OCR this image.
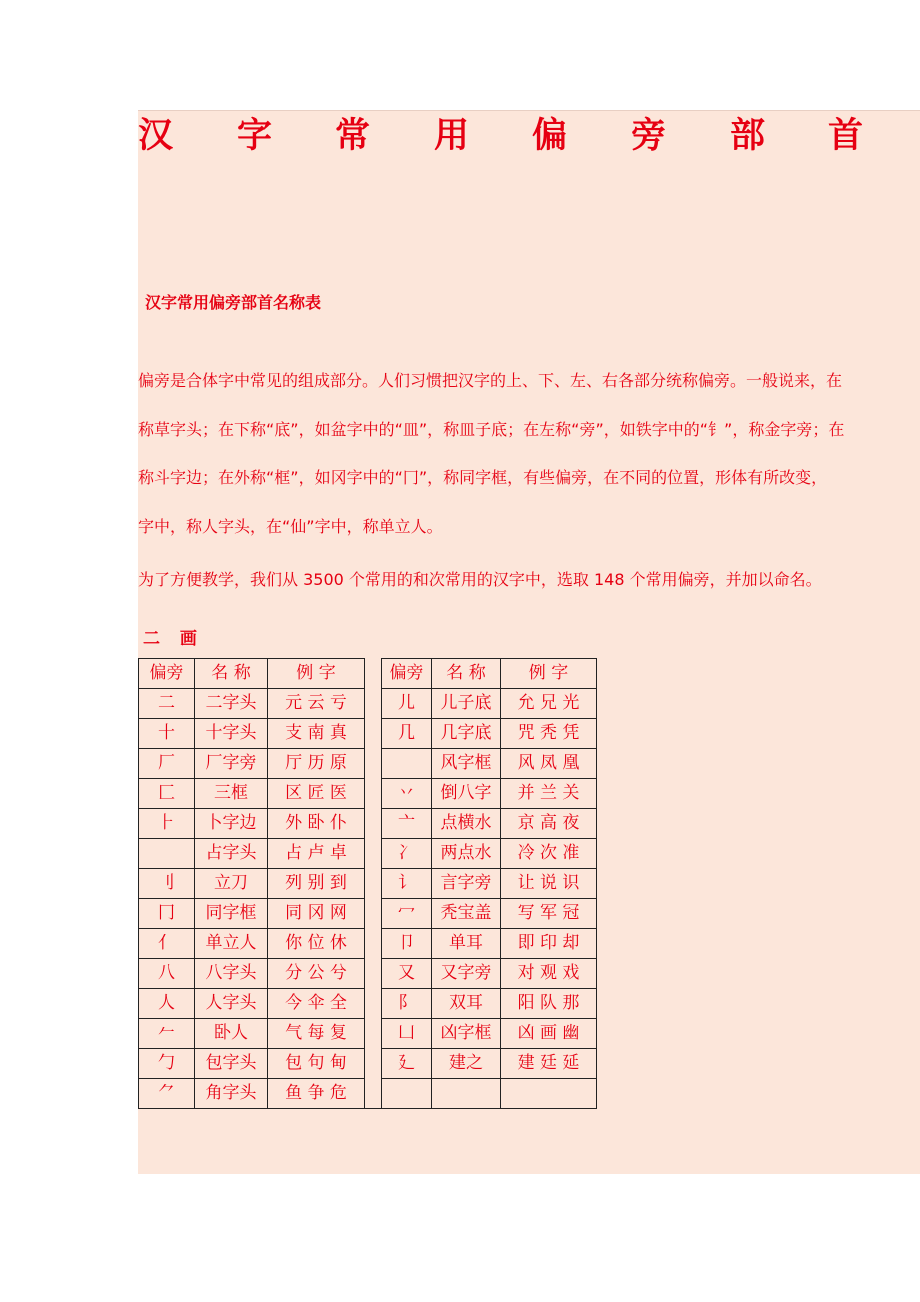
汉 字 常 用 偏 旁 部 首
汉字常用偏旁部首名称表
偏旁是合体字中常见的组成部分。人们习惯把汉字的上、下、左、右各部分统称偏旁。一般说来，在
称草字头；在下称“底”，如盆字中的“皿”，称皿子底；在左称“旁”，如铁字中的“钅”，称金字旁；在
称斗字边；在外称“框”，如冈字中的“冂”，称同字框，有些偏旁，在不同的位置，形体有所改变，
字中，称人字头，在“仙”字中，称单立人。
为了方便教学，我们从 3500 个常用的和次常用的汉字中，选取 148 个常用偏旁，并加以命名。
二 画
偏旁	名 称	例 字		偏旁	名 称	例 字
二	二字头	元 云 亏		儿	儿子底	允 兄 光
十	十字头	支 南 真		几	几字底	咒 秃 凭
厂	厂字旁	厅 历 原			风字框	风 凤 凰
匚	三框	区 匠 医		丷	倒八字	并 兰 关
⺊	卜字边	外 卧 仆		亠	点横水	京 高 夜
	占字头	占 卢 卓		冫	两点水	冷 次 准
刂	立刀	列 别 到		讠	言字旁	让 说 识
冂	同字框	同 冈 网		冖	秃宝盖	写 军 冠
亻	单立人	你 位 休		卩	单耳	即 印 却
八	八字头	分 公 兮		又	又字旁	对 观 戏
人	人字头	今 伞 全		阝	双耳	阳 队 那
𠂉	卧人	气 每 复		凵	凶字框	凶 画 幽
勹	包字头	包 句 甸		廴	建之	建 廷 延
⺈	角字头	鱼 争 危				
